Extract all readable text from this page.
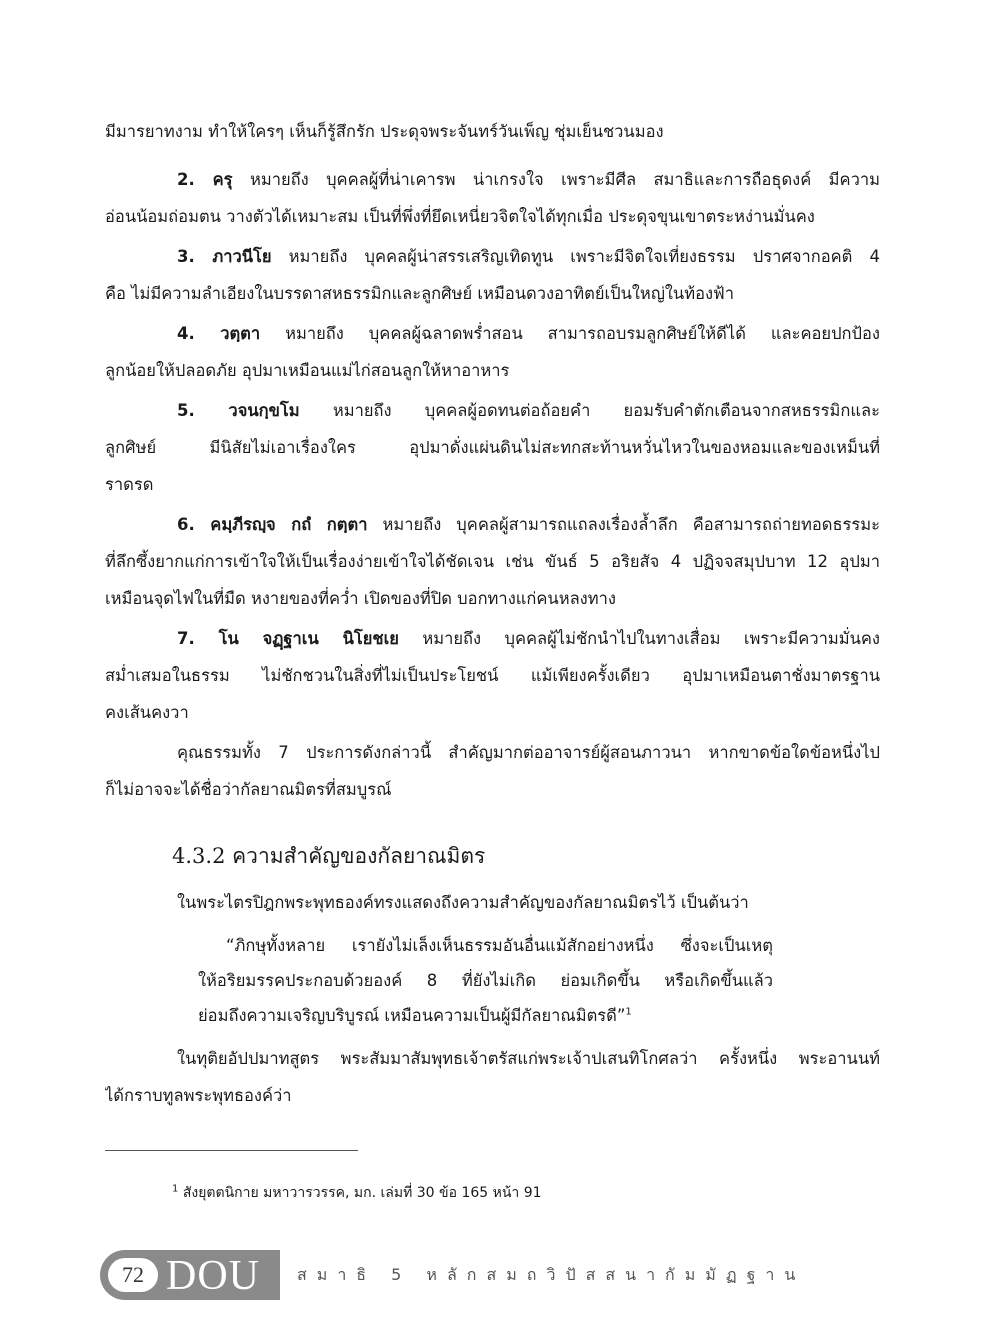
มีมารยาทงาม ทำให้ใครๆ เห็นก็รู้สึกรัก ประดุจพระจันทร์วันเพ็ญ ชุ่มเย็นชวนมอง

2. ครุ หมายถึง บุคคลผู้ที่น่าเคารพ น่าเกรงใจ เพราะมีศีล สมาธิและการถือธุดงค์ มีความ
อ่อนน้อมถ่อมตน วางตัวได้เหมาะสม เป็นที่พึ่งที่ยึดเหนี่ยวจิตใจได้ทุกเมื่อ ประดุจขุนเขาตระหง่านมั่นคง

3. ภาวนีโย หมายถึง บุคคลผู้น่าสรรเสริญเทิดทูน เพราะมีจิตใจเที่ยงธรรม ปราศจากอคติ 4
คือ ไม่มีความลำเอียงในบรรดาสหธรรมิกและลูกศิษย์ เหมือนดวงอาทิตย์เป็นใหญ่ในท้องฟ้า

4. วตฺตา หมายถึง บุคคลผู้ฉลาดพร่ำสอน สามารถอบรมลูกศิษย์ให้ดีได้ และคอยปกป้อง
ลูกน้อยให้ปลอดภัย อุปมาเหมือนแม่ไก่สอนลูกให้หาอาหาร

5. วจนกฺขโม หมายถึง บุคคลผู้อดทนต่อถ้อยคำ ยอมรับคำตักเตือนจากสหธรรมิกและ
ลูกศิษย์ มีนิสัยไม่เอาเรื่องใคร อุปมาดั่งแผ่นดินไม่สะทกสะท้านหวั่นไหวในของหอมและของเหม็นที่
ราดรด

6. คมฺภีรญฺจ กถํ กตฺตา หมายถึง บุคคลผู้สามารถแถลงเรื่องล้ำลึก คือสามารถถ่ายทอดธรรมะ
ที่ลึกซึ้งยากแก่การเข้าใจให้เป็นเรื่องง่ายเข้าใจได้ชัดเจน เช่น ขันธ์ 5 อริยสัจ 4 ปฏิจจสมุปบาท 12 อุปมา
เหมือนจุดไฟในที่มืด หงายของที่คว่ำ เปิดของที่ปิด บอกทางแก่คนหลงทาง

7. โน จฏฺฐาเน นิโยชเย หมายถึง บุคคลผู้ไม่ชักนำไปในทางเสื่อม เพราะมีความมั่นคง
สม่ำเสมอในธรรม ไม่ชักชวนในสิ่งที่ไม่เป็นประโยชน์ แม้เพียงครั้งเดียว อุปมาเหมือนตาชั่งมาตรฐาน
คงเส้นคงวา

คุณธรรมทั้ง 7 ประการดังกล่าวนี้ สำคัญมากต่ออาจารย์ผู้สอนภาวนา หากขาดข้อใดข้อหนึ่งไป
ก็ไม่อาจจะได้ชื่อว่ากัลยาณมิตรที่สมบูรณ์

4.3.2 ความสำคัญของกัลยาณมิตร

ในพระไตรปิฎกพระพุทธองค์ทรงแสดงถึงความสำคัญของกัลยาณมิตรไว้ เป็นต้นว่า

“ภิกษุทั้งหลาย เรายังไม่เล็งเห็นธรรมอันอื่นแม้สักอย่างหนึ่ง ซึ่งจะเป็นเหตุ
ให้อริยมรรคประกอบด้วยองค์ 8 ที่ยังไม่เกิด ย่อมเกิดขึ้น หรือเกิดขึ้นแล้ว
ย่อมถึงความเจริญบริบูรณ์ เหมือนความเป็นผู้มีกัลยาณมิตรดี”$^1$

ในทุติยอัปปมาทสูตร พระสัมมาสัมพุทธเจ้าตรัสแก่พระเจ้าปเสนทิโกศลว่า ครั้งหนึ่ง พระอานนท์
ได้กราบทูลพระพุทธองค์ว่า

$^1$ สังยุตตนิกาย มหาวารวรรค, มก. เล่มที่ 30 ข้อ 165 หน้า 91

72 DOU สมาธิ 5 หลักสมถวิปัสสนากัมมัฏฐาน
